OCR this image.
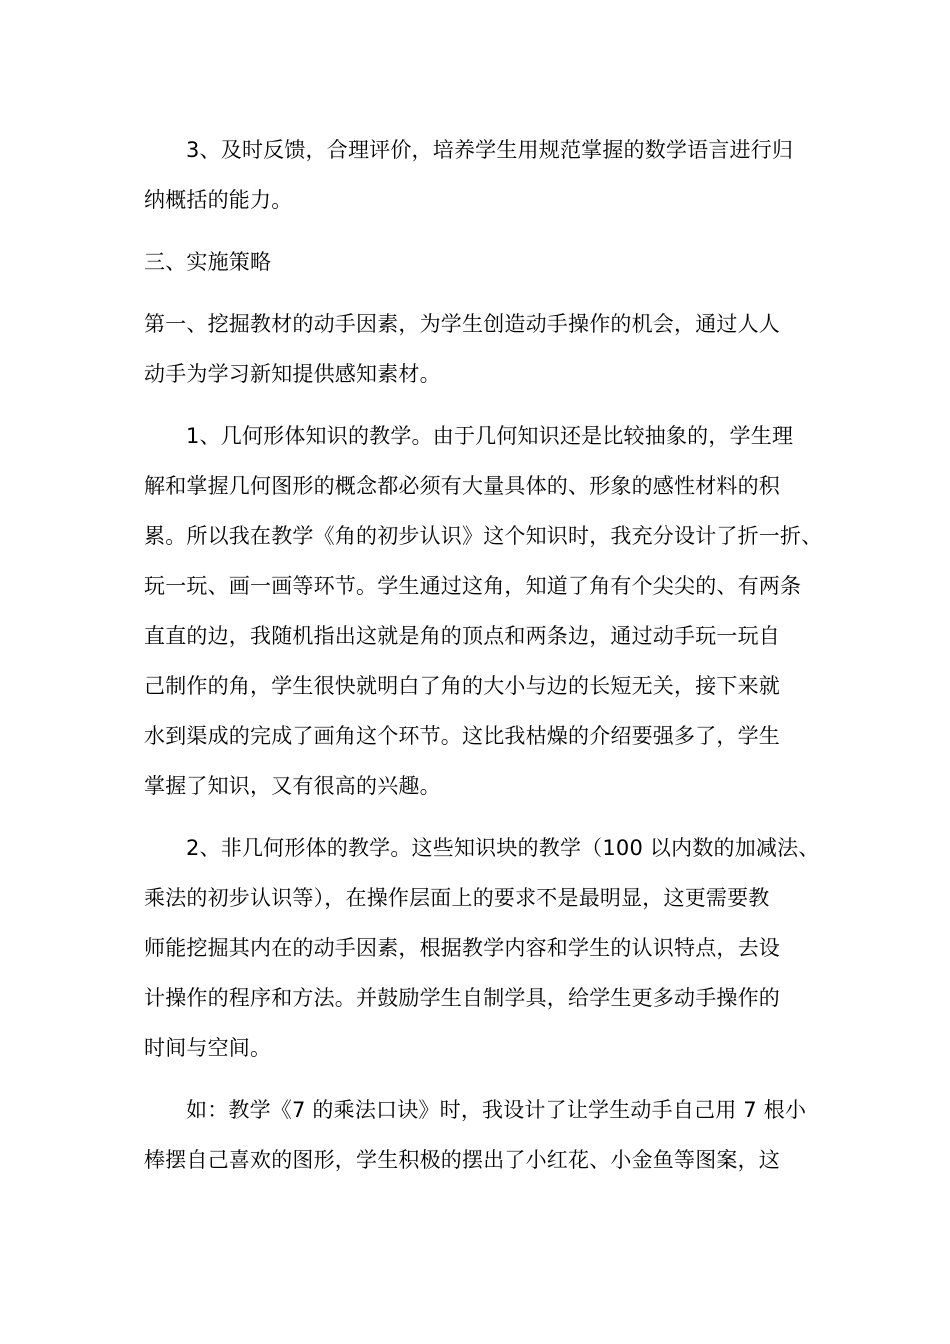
3、及时反馈，合理评价，培养学生用规范掌握的数学语言进行归
纳概括的能力。

三、实施策略

第一、挖掘教材的动手因素，为学生创造动手操作的机会，通过人人
动手为学习新知提供感知素材。

1、几何形体知识的教学。由于几何知识还是比较抽象的，学生理
解和掌握几何图形的概念都必须有大量具体的、形象的感性材料的积
累。所以我在教学《角的初步认识》这个知识时，我充分设计了折一折、
玩一玩、画一画等环节。学生通过这角，知道了角有个尖尖的、有两条
直直的边，我随机指出这就是角的顶点和两条边，通过动手玩一玩自
己制作的角，学生很快就明白了角的大小与边的长短无关，接下来就
水到渠成的完成了画角这个环节。这比我枯燥的介绍要强多了，学生
掌握了知识，又有很高的兴趣。

2、非几何形体的教学。这些知识块的教学（100 以内数的加减法、
乘法的初步认识等），在操作层面上的要求不是最明显，这更需要教
师能挖掘其内在的动手因素，根据教学内容和学生的认识特点，去设
计操作的程序和方法。并鼓励学生自制学具，给学生更多动手操作的
时间与空间。

如：教学《7 的乘法口诀》时，我设计了让学生动手自己用 7 根小
棒摆自己喜欢的图形，学生积极的摆出了小红花、小金鱼等图案，这
